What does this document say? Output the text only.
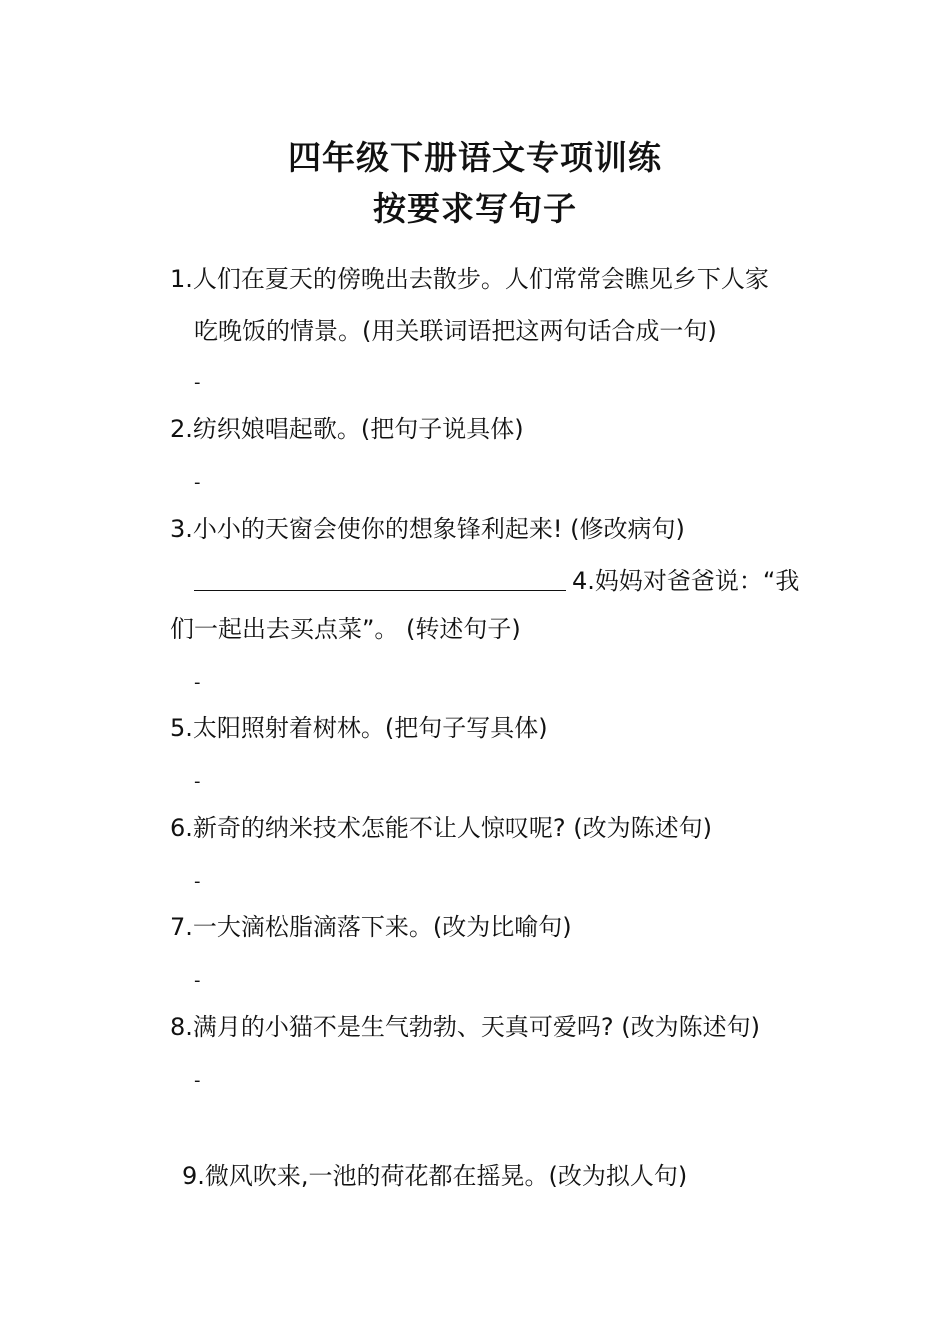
四年级下册语文专项训练
按要求写句子
1.人们在夏天的傍晚出去散步。人们常常会瞧见乡下人家
吃晚饭的情景。(用关联词语把这两句话合成一句)
-
2.纺织娘唱起歌。(把句子说具体)
-
3.小小的天窗会使你的想象锋利起来! (修改病句)
4.妈妈对爸爸说：“我
们一起出去买点菜”。 (转述句子)
-
5.太阳照射着树林。(把句子写具体)
-
6.新奇的纳米技术怎能不让人惊叹呢? (改为陈述句)
-
7.一大滴松脂滴落下来。(改为比喻句)
-
8.满月的小猫不是生气勃勃、天真可爱吗? (改为陈述句)
-
9.微风吹来,一池的荷花都在摇晃。(改为拟人句)
